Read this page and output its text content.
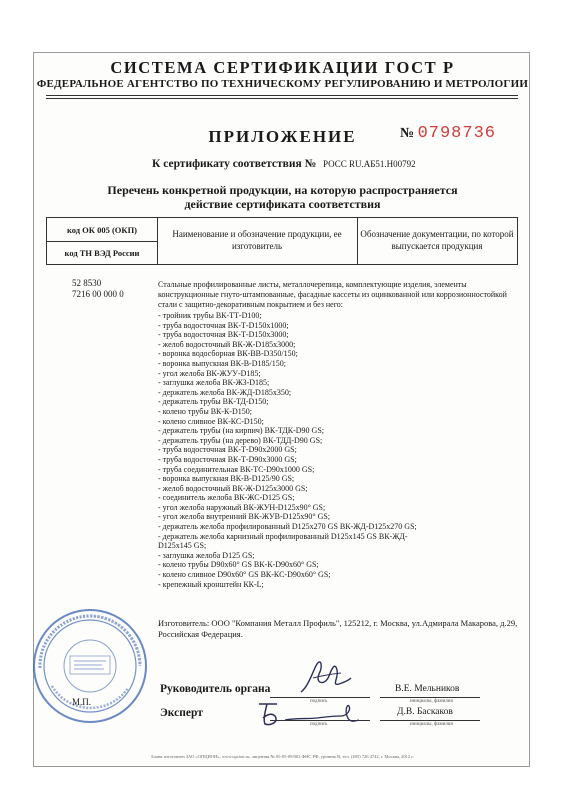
СИСТЕМА СЕРТИФИКАЦИИ ГОСТ Р
ФЕДЕРАЛЬНОЕ АГЕНТСТВО ПО ТЕХНИЧЕСКОМУ РЕГУЛИРОВАНИЮ И МЕТРОЛОГИИ
ПРИЛОЖЕНИЕ	№ 0798736
К сертификату соответствия № РОСС RU.АБ51.Н00792
Перечень конкретной продукции, на которую распространяется
действие сертификата соответствия
код ОК 005 (ОКП)
код ТН ВЭД России
Наименование и обозначение продукции, ее изготовитель
Обозначение документации, по которой выпускается продукция
52 8530
7216 00 000 0
Стальные профилированные листы, металлочерепица, комплектующие изделия, элементы конструкционные гнуто-штампованные, фасадные кассеты из оцинкованной или коррозионностойкой стали с защитно-декоративным покрытием и без него:
- тройник трубы ВК-ТТ-D100;
- труба водосточная ВК-Т-D150х1000;
- труба водосточная ВК-Т-D150х3000;
- желоб водосточный ВК-Ж-D185х3000;
- воронка водосборная ВК-ВВ-D350/150;
- воронка выпускная ВК-В-D185/150;
- угол желоба ВК-ЖУУ-D185;
- заглушка желоба ВК-ЖЗ-D185;
- держатель желоба ВК-ЖД-D185х350;
- держатель трубы ВК-ТД-D150;
- колено трубы ВК-К-D150;
- колено сливное ВК-КС-D150;
- держатель трубы (на кирпич) ВК-ТДК-D90 GS;
- держатель трубы (на дерево) ВК-ТДД-D90 GS;
- труба водосточная ВК-Т-D90х2000 GS;
- труба водосточная ВК-Т-D90х3000 GS;
- труба соединительная ВК-ТС-D90х1000 GS;
- воронка выпускная ВК-В-D125/90 GS;
- желоб водосточный ВК-Ж-D125х3000 GS;
- соединитель желоба ВК-ЖС-D125 GS;
- угол желоба наружный ВК-ЖУН-D125х90° GS;
- угол желоба внутренний ВК-ЖУВ-D125х90° GS;
- держатель желоба профилированный D125х270 GS ВК-ЖД-D125х270 GS;
- держатель желоба карнизный профилированный D125х145 GS ВК-ЖД-
D125х145 GS;
- заглушка желоба D125 GS;
- колено трубы D90х60° GS ВК-К-D90х60° GS;
- колено сливное D90х60° GS ВК-КС-D90х60° GS;
- крепежный кронштейн КК-L;
Изготовитель: ООО "Компания Металл Профиль", 125212, г. Москва, ул.Адмирала Макарова, д.29, Российская Федерация.
М.П.
Руководитель органа
подпись
В.Е. Мельников
инициалы, фамилия
Эксперт
подпись
Д.В. Баскаков
инициалы, фамилия
Бланк изготовлен ЗАО «ОПЦИОН», www.opcion.ru, лицензия № 05-05-09/003 ФНС РФ, уровень В, тел. (495) 726 4742, г. Москва, 2012 г.
